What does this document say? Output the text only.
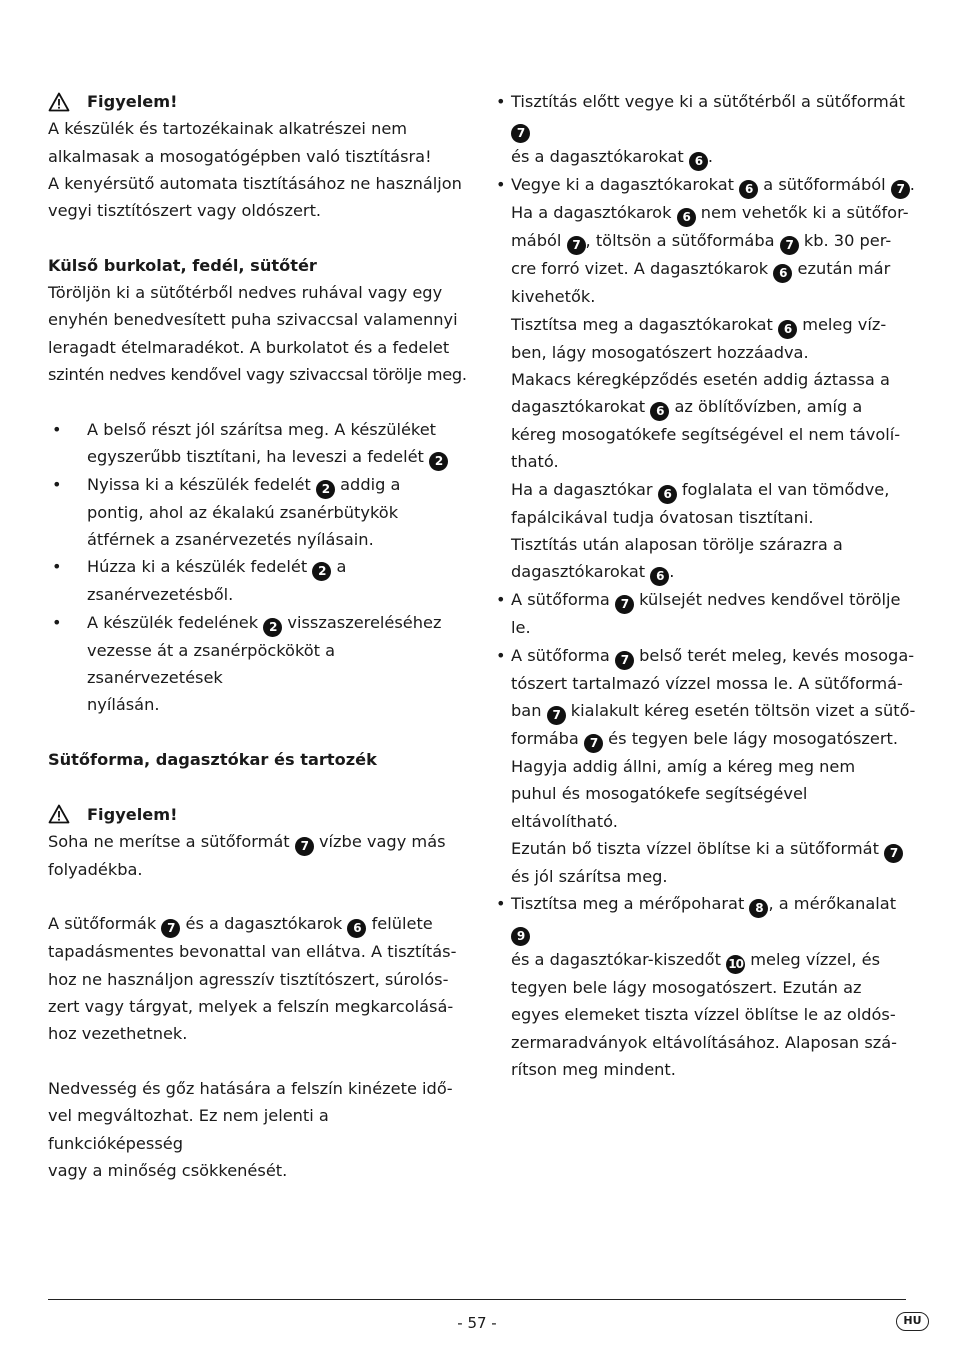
Figyelem!
A készülék és tartozékainak alkatrészei nem
alkalmasak a mosogatógépben való tisztításra!
A kenyérsütő automata tisztításához ne használjon
vegyi tisztítószert vagy oldószert.
Külső burkolat, fedél, sütőtér
Töröljön ki a sütőtérből nedves ruhával vagy egy
enyhén benedvesített puha szivaccsal valamennyi
leragadt ételmaradékot. A burkolatot és a fedelet
szintén nedves kendővel vagy szivaccsal törölje meg.
• A belső részt jól szárítsa meg. A készüléket
egyszerűbb tisztítani, ha leveszi a fedelét 2
• Nyissa ki a készülék fedelét 2 addig a
pontig, ahol az ékalakú zsanérbütykök
átférnek a zsanérvezetés nyílásain.
• Húzza ki a készülék fedelét 2 a
zsanérvezetésből.
• A készülék fedelének 2 visszaszereléséhez
vezesse át a zsanérpöckököt a zsanérvezetések
nyílásán.
Sütőforma, dagasztókar és tartozék
Figyelem!
Soha ne merítse a sütőformát 7 vízbe vagy más
folyadékba.
A sütőformák 7 és a dagasztókarok 6 felülete
tapadásmentes bevonattal van ellátva. A tisztítás-
hoz ne használjon agresszív tisztítószert, súrolós-
zert vagy tárgyat, melyek a felszín megkarcolásá-
hoz vezethetnek.
Nedvesség és gőz hatására a felszín kinézete idő-
vel megváltozhat. Ez nem jelenti a funkcióképesség
vagy a minőség csökkenését.
• Tisztítás előtt vegye ki a sütőtérből a sütőformát 7
és a dagasztókarokat 6 .
• Vegye ki a dagasztókarokat 6 a sütőformából 7 .
Ha a dagasztókarok 6 nem vehetők ki a sütőfor-
mából 7 , töltsön a sütőformába 7 kb. 30 per-
cre forró vizet. A dagasztókarok 6 ezután már
kivehetők.
Tisztítsa meg a dagasztókarokat 6 meleg víz-
ben, lágy mosogatószert hozzáadva.
Makacs kéregképződés esetén addig áztassa a
dagasztókarokat 6 az öblítővízben, amíg a
kéreg mosogatókefe segítségével el nem távolí-
tható.
Ha a dagasztókar 6 foglalata el van tömődve,
fapálcikával tudja óvatosan tisztítani.
Tisztítás után alaposan törölje szárazra a
dagasztókarokat 6 .
• A sütőforma 7 külsejét nedves kendővel törölje le.
• A sütőforma 7 belső terét meleg, kevés mosoga-
tószert tartalmazó vízzel mossa le. A sütőformá-
ban 7 kialakult kéreg esetén töltsön vizet a sütő-
formába 7 és tegyen bele lágy mosogatószert.
Hagyja addig állni, amíg a kéreg meg nem
puhul és mosogatókefe segítségével eltávolítható.
Ezután bő tiszta vízzel öblítse ki a sütőformát 7
és jól szárítsa meg.
• Tisztítsa meg a mérőpoharat 8 , a mérőkanalat 9
és a dagasztókar-kiszedőt 10 meleg vízzel, és
tegyen bele lágy mosogatószert. Ezután az
egyes elemeket tiszta vízzel öblítse le az oldós-
zermaradványok eltávolításához. Alaposan szá-
rítson meg mindent.
- 57 -	HU
